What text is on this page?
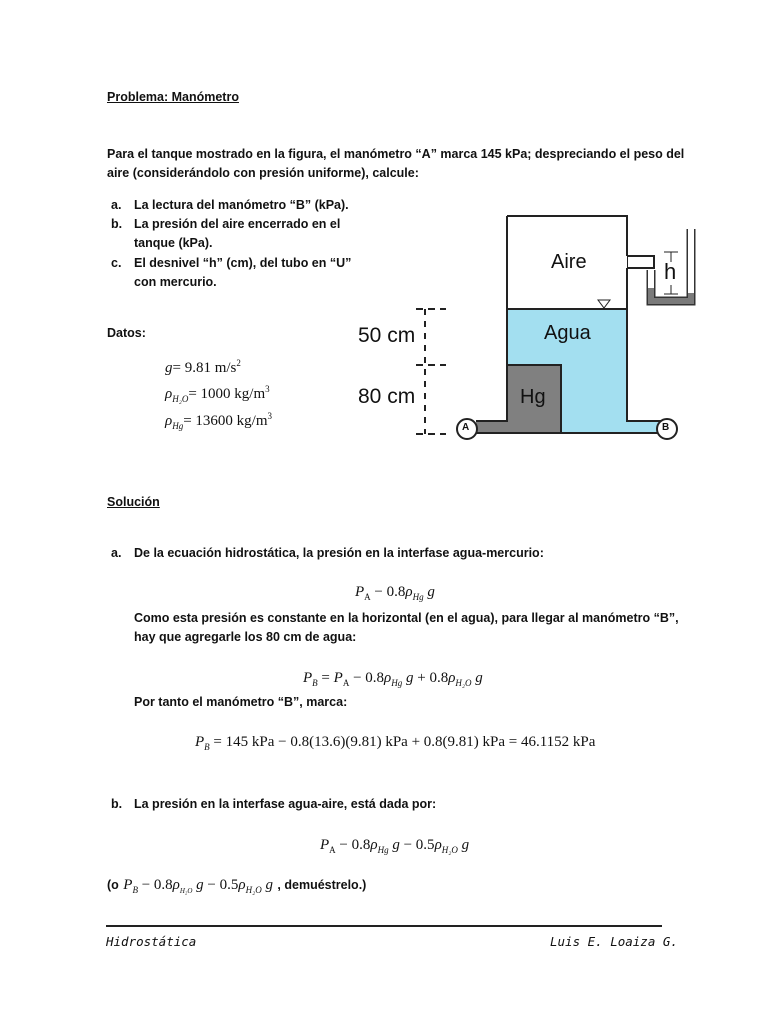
Problema: Manómetro
Para el tanque mostrado en la figura, el manómetro “A” marca 145 kPa; despreciando el peso del
aire (considerándolo con presión uniforme), calcule:
a. La lectura del manómetro “B” (kPa).
b. La presión del aire encerrado en el
tanque (kPa).
c. El desnivel “h” (cm), del tubo en “U”
con mercurio.
Datos:
g= 9.81 $m/s^2$
$\rho_{H_2O}= 1000$ $kg/m^3$
$\rho_{Hg}= 13600$ $kg/m^3$
Aire
Agua
Hg
h
50 cm
80 cm
A	B
Solución
a. De la ecuación hidrostática, la presión en la interfase agua-mercurio:
$P_A - 0.8\rho_{Hg}$ g
Como esta presión es constante en la horizontal (en el agua), para llegar al manómetro “B”,
hay que agregarle los 80 cm de agua:
$P_B = P_A - 0.8\rho_{Hg}$ $g + 0.8\rho_{H_2O}$ g
Por tanto el manómetro “B”, marca:
$P_B = 145$ kPa − 0.8(13.6)(9.81) kPa + 0.8(9.81) kPa = 46.1152 kPa
b. La presión en la interfase agua-aire, está dada por:
$P_A - 0.8\rho_{Hg}$ $g - 0.5\rho_{H_2O}$ g
(o $P_B - 0.8\rho_{H_2O}$ $g - 0.5\rho_{H_2O}$ g , demuéstrelo.)
Hidrostática	Luis E. Loaiza G.
